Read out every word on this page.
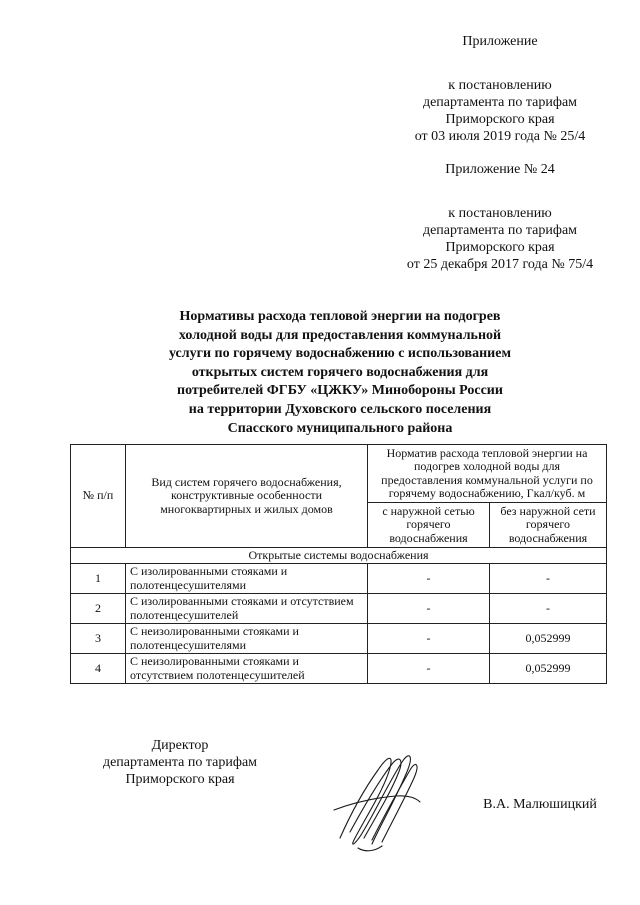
Приложение
к постановлению
департамента по тарифам
Приморского края
от 03 июля 2019 года № 25/4
Приложение № 24
к постановлению
департамента по тарифам
Приморского края
от 25 декабря 2017 года № 75/4
Нормативы расхода тепловой энергии на подогрев
холодной воды для предоставления коммунальной
услуги по горячему водоснабжению с использованием
открытых систем горячего водоснабжения для
потребителей ФГБУ «ЦЖКУ» Минобороны России
на территории Духовского сельского поселения
Спасского муниципального района
№ п/п	Вид систем горячего водоснабжения, конструктивные особенности многоквартирных и жилых домов	Норматив расхода тепловой энергии на подогрев холодной воды для предоставления коммунальной услуги по горячему водоснабжению, Гкал/куб. м	
		с наружной сетью горячего водоснабжения	без наружной сети горячего водоснабжения
Открытые системы водоснабжения			
1	С изолированными стояками и полотенцесушителями	-	-
2	С изолированными стояками и отсутствием полотенцесушителей	-	-
3	С неизолированными стояками и полотенцесушителями	-	0,052999
4	С неизолированными стояками и отсутствием полотенцесушителей	-	0,052999
Директор
департамента по тарифам
Приморского края
В.А. Малюшицкий
